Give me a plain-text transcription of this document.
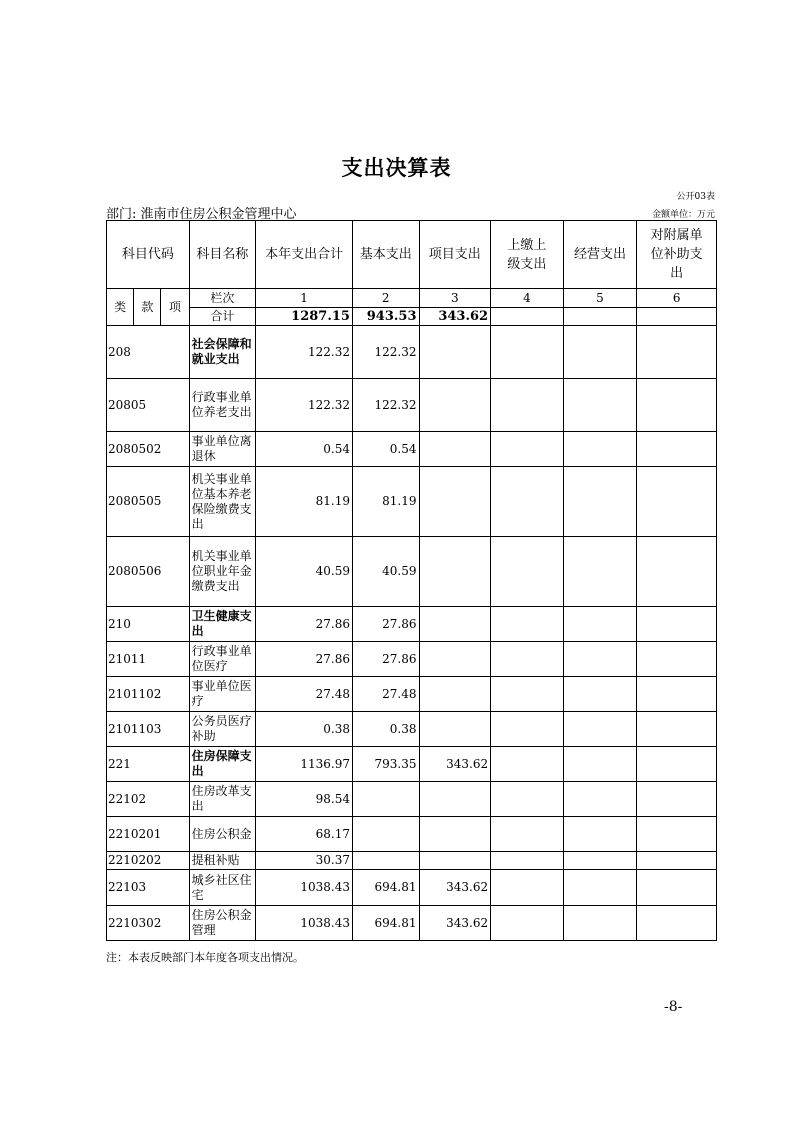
支出决算表
公开03表
部门: 淮南市住房公积金管理中心	金额单位：万元
科目代码			科目名称	本年支出合计	基本支出	项目支出	上缴上级支出	经营支出	对附属单位补助支出
类	款	项	栏次	1	2	3	4	5	6
			合计	1287.15	943.53	343.62			
208			社会保障和就业支出	122.32	122.32				
20805			行政事业单位养老支出	122.32	122.32				
2080502			事业单位离退休	0.54	0.54				
2080505			机关事业单位基本养老保险缴费支出	81.19	81.19				
2080506			机关事业单位职业年金缴费支出	40.59	40.59				
210			卫生健康支出	27.86	27.86				
21011			行政事业单位医疗	27.86	27.86				
2101102			事业单位医疗	27.48	27.48				
2101103			公务员医疗补助	0.38	0.38				
221			住房保障支出	1136.97	793.35	343.62			
22102			住房改革支出	98.54					
2210201			住房公积金	68.17					
2210202			提租补贴	30.37					
22103			城乡社区住宅	1038.43	694.81	343.62			
2210302			住房公积金管理	1038.43	694.81	343.62			
注：本表反映部门本年度各项支出情况。
-8-
